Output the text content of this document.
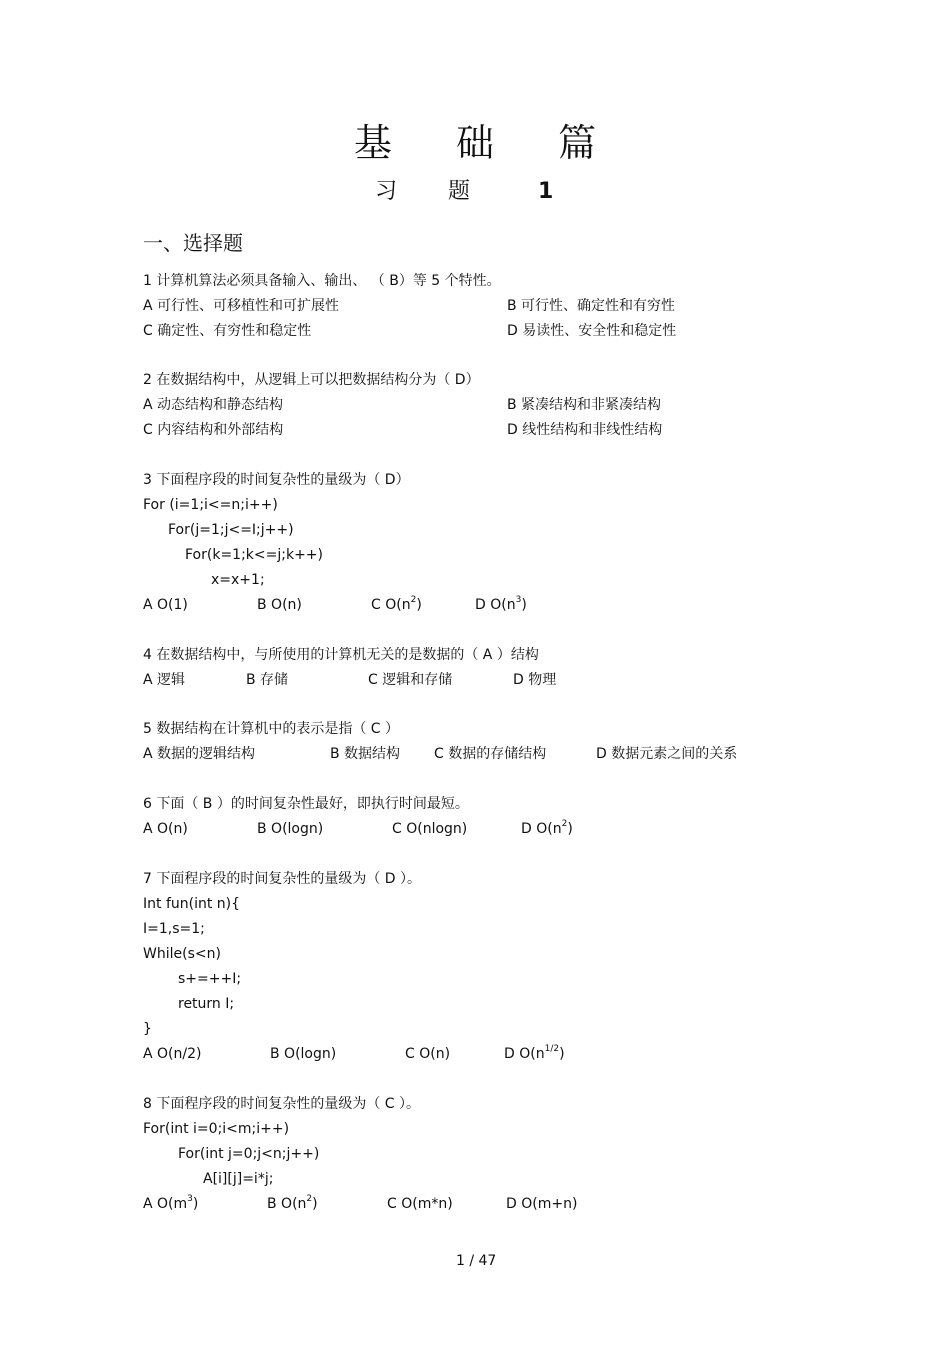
基 础 篇
习 题	1
一、选择题
1 计算机算法必须具备输入、输出、 （ B）等 5 个特性。
A 可行性、可移植性和可扩展性	B 可行性、确定性和有穷性
C 确定性、有穷性和稳定性	D 易读性、安全性和稳定性
2 在数据结构中，从逻辑上可以把数据结构分为（ D）
A 动态结构和静态结构	B 紧凑结构和非紧凑结构
C 内容结构和外部结构	D 线性结构和非线性结构
3 下面程序段的时间复杂性的量级为（ D）
For (i=1;i<=n;i++)
For(j=1;j<=I;j++)
For(k=1;k<=j;k++)
x=x+1;
A O(1)	B O(n)	C $O(n^2)$	D $O(n^3)$
4 在数据结构中，与所使用的计算机无关的是数据的（ A ）结构
A 逻辑	B 存储	C 逻辑和存储	D 物理
5 数据结构在计算机中的表示是指（ C ）
A 数据的逻辑结构	B 数据结构 C 数据的存储结构	D 数据元素之间的关系
6 下面（ B ）的时间复杂性最好，即执行时间最短。
A O(n)	B O(logn)	C O(nlogn)	D $O(n^2)$
7 下面程序段的时间复杂性的量级为（ D ）。
Int fun(int n){
I=1,s=1;
While(s<n)
s+=++I;
return I;
}
A O(n/2)	B O(logn)	C O(n)	D $O(n^{1/2})$
8 下面程序段的时间复杂性的量级为（ C ）。
For(int i=0;i<m;i++)
For(int j=0;j<n;j++)
A[i][j]=i*j;
A $O(m^3)$	B $O(n^2)$	C O(m*n)	D O(m+n)
1 / 47
